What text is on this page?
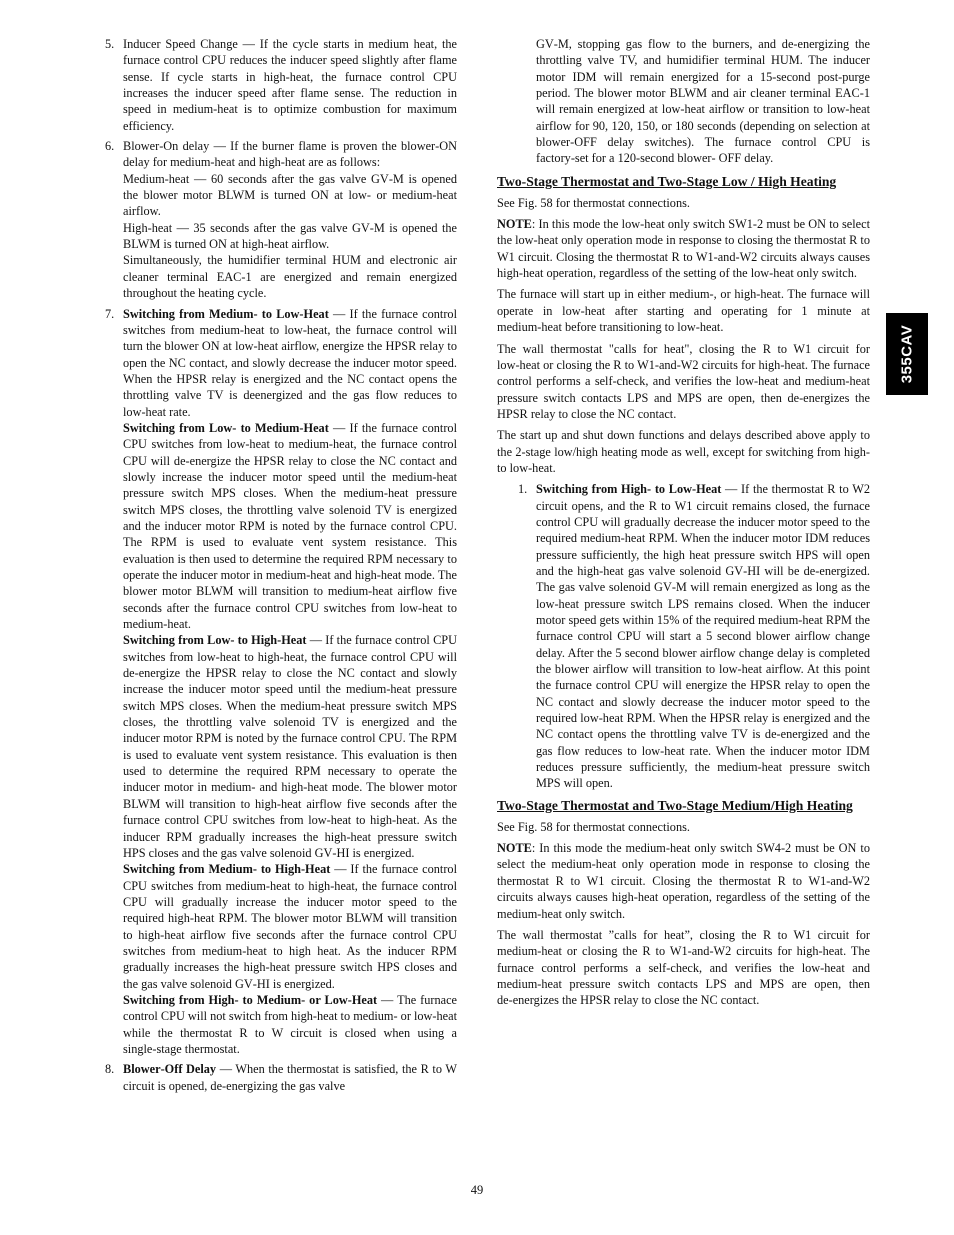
5. Inducer Speed Change — If the cycle starts in medium heat, the furnace control CPU reduces the inducer speed slightly after flame sense. If cycle starts in high‑heat, the furnace control CPU increases the inducer speed after flame sense. The reduction in speed in medium‑heat is to optimize combustion for maximum efficiency.

6. Blower‑On delay — If the burner flame is proven the blower‑ON delay for medium‑heat and high‑heat are as follows:

Medium‑heat — 60 seconds after the gas valve GV‑M is opened the blower motor BLWM is turned ON at low‑ or medium‑heat airflow.

High‑heat — 35 seconds after the gas valve GV‑M is opened the BLWM is turned ON at high‑heat airflow.

Simultaneously, the humidifier terminal HUM and electronic air cleaner terminal EAC‑1 are energized and remain energized throughout the heating cycle.

7. Switching from Medium‑ to Low‑Heat — If the furnace control switches from medium‑heat to low‑heat, the furnace control will turn the blower ON at low‑heat airflow, energize the HPSR relay to open the NC contact, and slowly decrease the inducer motor speed. When the HPSR relay is energized and the NC contact opens the throttling valve TV is deenergized and the gas flow reduces to low‑heat rate.

Switching from Low‑ to Medium‑Heat — If the furnace control CPU switches from low‑heat to medium‑heat, the furnace control CPU will de‑energize the HPSR relay to close the NC contact and slowly increase the inducer motor speed until the medium‑heat pressure switch MPS closes. When the medium‑heat pressure switch MPS closes, the throttling valve solenoid TV is energized and the inducer motor RPM is noted by the furnace control CPU. The RPM is used to evaluate vent system resistance. This evaluation is then used to determine the required RPM necessary to operate the inducer motor in medium‑heat and high‑heat mode. The blower motor BLWM will transition to medium‑heat airflow five seconds after the furnace control CPU switches from low‑heat to medium‑heat.

Switching from Low‑ to High‑Heat — If the furnace control CPU switches from low‑heat to high‑heat, the furnace control CPU will de‑energize the HPSR relay to close the NC contact and slowly increase the inducer motor speed until the medium‑heat pressure switch MPS closes. When the medium‑heat pressure switch MPS closes, the throttling valve solenoid TV is energized and the inducer motor RPM is noted by the furnace control CPU. The RPM is used to evaluate vent system resistance. This evaluation is then used to determine the required RPM necessary to operate the inducer motor in medium‑ and high‑heat mode. The blower motor BLWM will transition to high‑heat airflow five seconds after the furnace control CPU switches from low‑heat to high‑heat. As the inducer RPM gradually increases the high‑heat pressure switch HPS closes and the gas valve solenoid GV‑HI is energized.

Switching from Medium‑ to High‑Heat — If the furnace control CPU switches from medium‑heat to high‑heat, the furnace control CPU will gradually increase the inducer motor speed to the required high‑heat RPM. The blower motor BLWM will transition to high‑heat airflow five seconds after the furnace control CPU switches from medium‑heat to high heat. As the inducer RPM gradually increases the high‑heat pressure switch HPS closes and the gas valve solenoid GV‑HI is energized.

Switching from High‑ to Medium‑ or Low‑Heat — The furnace control CPU will not switch from high‑heat to medium‑ or low‑heat while the thermostat R to W circuit is closed when using a single‑stage thermostat.

8. Blower‑Off Delay — When the thermostat is satisfied, the R to W circuit is opened, de‑energizing the gas valve

GV‑M, stopping gas flow to the burners, and de‑energizing the throttling valve TV, and humidifier terminal HUM. The inducer motor IDM will remain energized for a 15‑second post‑purge period. The blower motor BLWM and air cleaner terminal EAC‑1 will remain energized at low‑heat airflow or transition to low‑heat airflow for 90, 120, 150, or 180 seconds (depending on selection at blower‑OFF delay switches). The furnace control CPU is factory‑set for a 120‑second blower‑ OFF delay.
Two‑Stage Thermostat and Two‑Stage Low / High Heating

See Fig. 58 for thermostat connections.

NOTE: In this mode the low‑heat only switch SW1‑2 must be ON to select the low‑heat only operation mode in response to closing the thermostat R to W1 circuit. Closing the thermostat R to W1‑and‑W2 circuits always causes high‑heat operation, regardless of the setting of the low‑heat only switch.

The furnace will start up in either medium‑, or high‑heat. The furnace will operate in low‑heat after starting and operating for 1 minute at medium‑heat before transitioning to low‑heat.

The wall thermostat "calls for heat", closing the R to W1 circuit for low‑heat or closing the R to W1‑and‑W2 circuits for high‑heat. The furnace control performs a self‑check, and verifies the low‑heat and medium‑heat pressure switch contacts LPS and MPS are open, then de‑energizes the HPSR relay to close the NC contact.

The start up and shut down functions and delays described above apply to the 2‑stage low/high heating mode as well, except for switching from high‑ to low‑heat.

1. Switching from High‑ to Low‑Heat — If the thermostat R to W2 circuit opens, and the R to W1 circuit remains closed, the furnace control CPU will gradually decrease the inducer motor speed to the required medium‑heat RPM. When the inducer motor IDM reduces pressure sufficiently, the high heat pressure switch HPS will open and the high‑heat gas valve solenoid GV‑HI will be de‑energized. The gas valve solenoid GV‑M will remain energized as long as the low‑heat pressure switch LPS remains closed. When the inducer motor speed gets within 15% of the required medium‑heat RPM the furnace control CPU will start a 5 second blower airflow change delay. After the 5 second blower airflow change delay is completed the blower airflow will transition to low‑heat airflow. At this point the furnace control CPU will energize the HPSR relay to open the NC contact and slowly decrease the inducer motor speed to the required low‑heat RPM. When the HPSR relay is energized and the NC contact opens the throttling valve TV is de‑energized and the gas flow reduces to low‑heat rate. When the inducer motor IDM reduces pressure sufficiently, the medium‑heat pressure switch MPS will open.

Two‑Stage Thermostat and Two‑Stage Medium/High Heating

See Fig. 58 for thermostat connections.

NOTE: In this mode the medium‑heat only switch SW4‑2 must be ON to select the medium‑heat only operation mode in response to closing the thermostat R to W1 circuit. Closing the thermostat R to W1‑and‑W2 circuits always causes high‑heat operation, regardless of the setting of the medium‑heat only switch.

The wall thermostat ”calls for heat”, closing the R to W1 circuit for medium‑heat or closing the R to W1‑and‑W2 circuits for high‑heat. The furnace control performs a self‑check, and verifies the low‑heat and medium‑heat pressure switch contacts LPS and MPS are open, then de‑energizes the HPSR relay to close the NC contact.

355CAV
49
